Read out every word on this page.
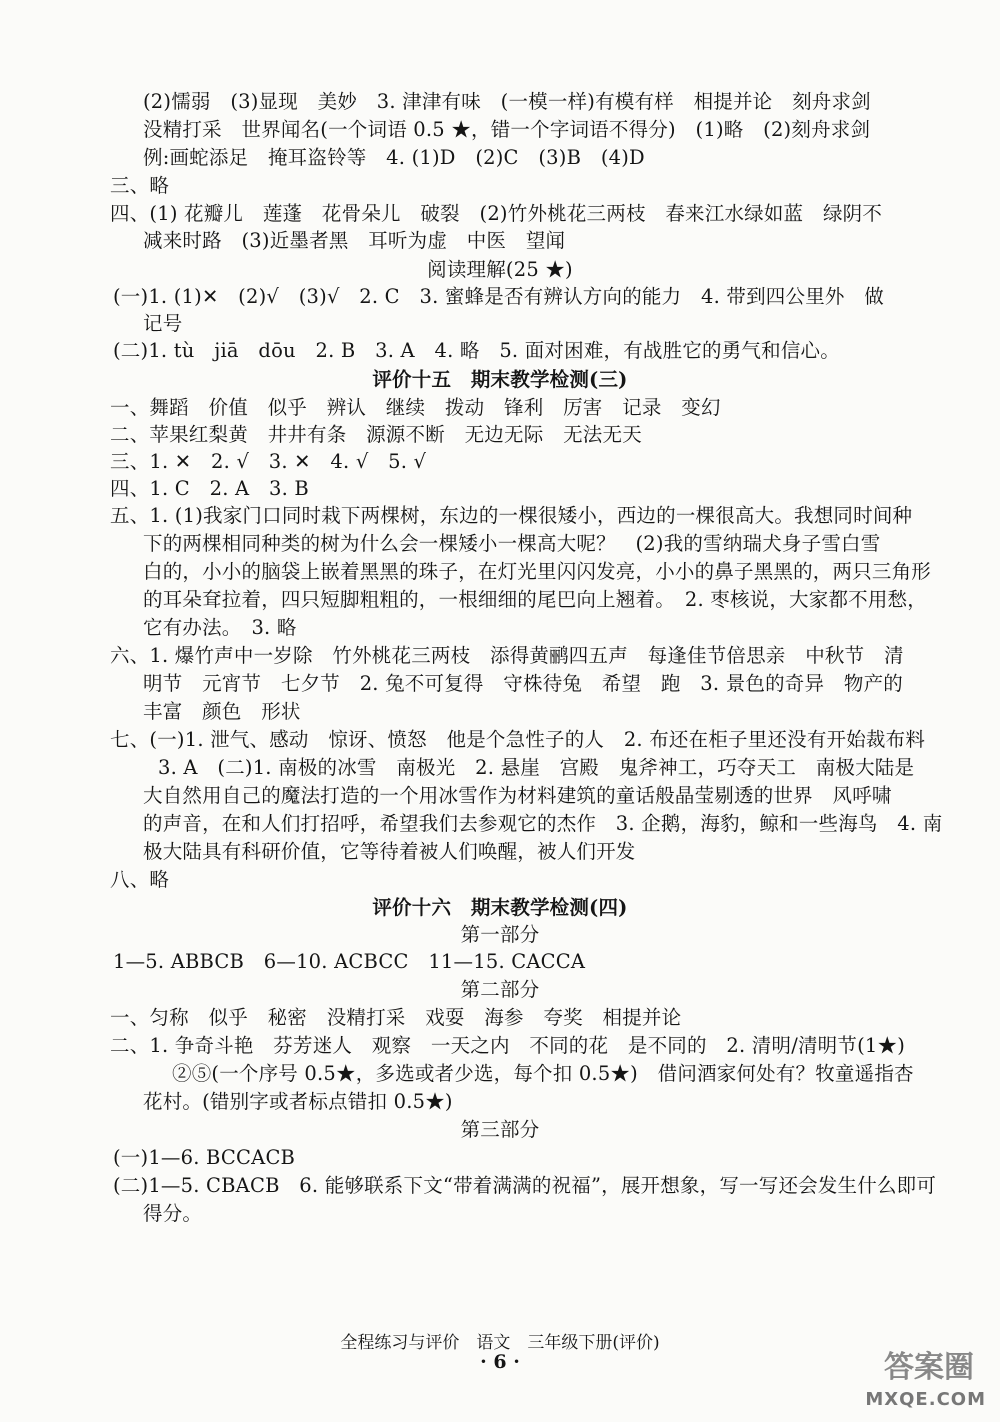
(2)懦弱　(3)显现　美妙　3. 津津有味　(一模一样)有模有样　相提并论　刻舟求剑
没精打采　世界闻名(一个词语 0.5 ★，错一个字词语不得分)　(1)略　(2)刻舟求剑
例:画蛇添足　掩耳盗铃等　4. (1)D　(2)C　(3)B　(4)D
三、略
四、(1) 花瓣儿　莲蓬　花骨朵儿　破裂　(2)竹外桃花三两枝　春来江水绿如蓝　绿阴不
减来时路　(3)近墨者黑　耳听为虚　中医　望闻
阅读理解(25 ★)
(一)1. (1)✕　(2)√　(3)√　2. C　3. 蜜蜂是否有辨认方向的能力　4. 带到四公里外　做
记号
(二)1. tù　jiā　dōu　2. B　3. A　4. 略　5. 面对困难，有战胜它的勇气和信心。
评价十五　期末教学检测(三)
一、舞蹈　价值　似乎　辨认　继续　拨动　锋利　厉害　记录　变幻
二、苹果红梨黄　井井有条　源源不断　无边无际　无法无天
三、1. ✕　2. √　3. ✕　4. √　5. √
四、1. C　2. A　3. B
五、1. (1)我家门口同时栽下两棵树，东边的一棵很矮小，西边的一棵很高大。我想同时间种
下的两棵相同种类的树为什么会一棵矮小一棵高大呢？　(2)我的雪纳瑞犬身子雪白雪
白的，小小的脑袋上嵌着黑黑的珠子，在灯光里闪闪发亮，小小的鼻子黑黑的，两只三角形
的耳朵耷拉着，四只短脚粗粗的，一根细细的尾巴向上翘着。　2. 枣核说，大家都不用愁，
它有办法。　3. 略
六、1. 爆竹声中一岁除　竹外桃花三两枝　添得黄鹂四五声　每逢佳节倍思亲　中秋节　清
明节　元宵节　七夕节　2. 兔不可复得　守株待兔　希望　跑　3. 景色的奇异　物产的
丰富　颜色　形状
七、(一)1. 泄气、感动　惊讶、愤怒　他是个急性子的人　2. 布还在柜子里还没有开始裁布料
3. A　(二)1. 南极的冰雪　南极光　2. 悬崖　宫殿　鬼斧神工，巧夺天工　南极大陆是
大自然用自己的魔法打造的一个用冰雪作为材料建筑的童话般晶莹剔透的世界　风呼啸
的声音，在和人们打招呼，希望我们去参观它的杰作　3. 企鹅，海豹，鲸和一些海鸟　4. 南
极大陆具有科研价值，它等待着被人们唤醒，被人们开发
八、略
评价十六　期末教学检测(四)
第一部分
1—5. ABBCB　6—10. ACBCC　11—15. CACCA
第二部分
一、匀称　似乎　秘密　没精打采　戏耍　海参　夸奖　相提并论
二、1. 争奇斗艳　芬芳迷人　观察　一天之内　不同的花　是不同的　2. 清明/清明节(1★)
②⑤(一个序号 0.5★，多选或者少选，每个扣 0.5★)　借问酒家何处有？牧童遥指杏
花村。(错别字或者标点错扣 0.5★)
第三部分
(一)1—6. BCCACB
(二)1—5. CBACB　6. 能够联系下文“带着满满的祝福”，展开想象，写一写还会发生什么即可
得分。
全程练习与评价　语文　三年级下册(评价)
· 6 ·	答案圈
MXQE.COM
